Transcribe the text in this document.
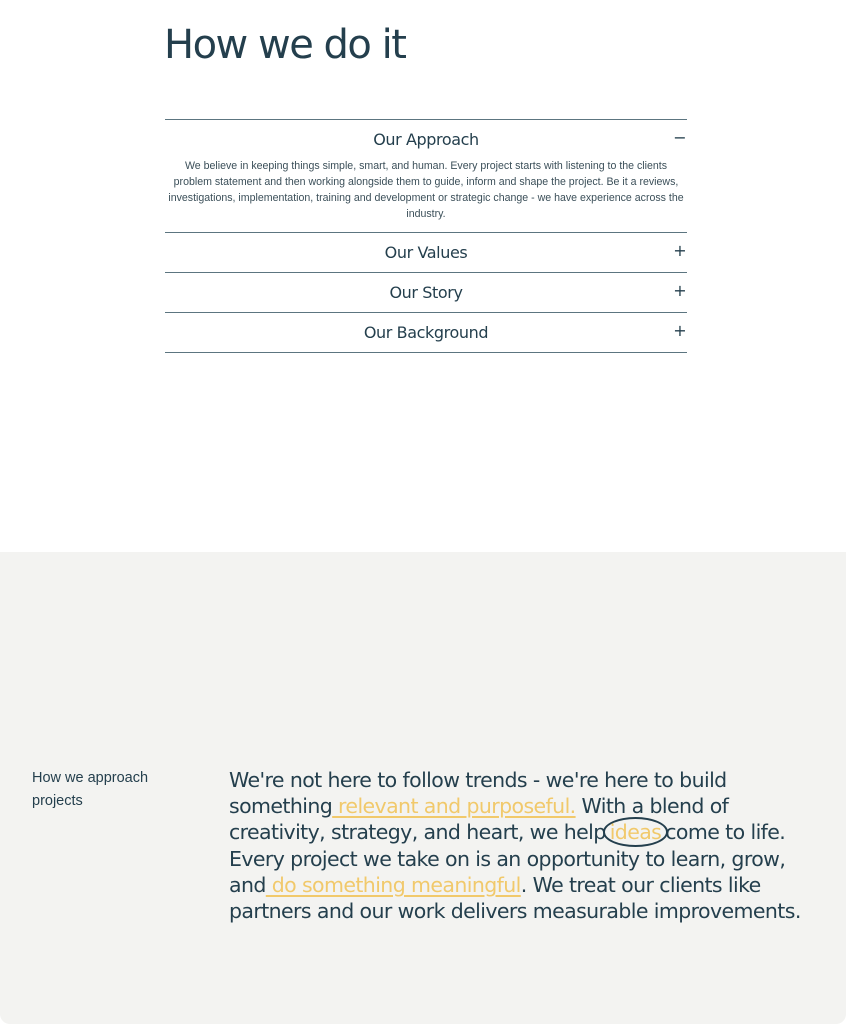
How we do it
Our Approach	−

We believe in keeping things simple, smart, and human. Every project starts with listening to the clients problem statement and then working alongside them to guide, inform and shape the project. Be it a reviews, investigations, implementation, training and development or strategic change - we have experience across the industry.

Our Values	+
Our Story	+
Our Background	+
How we approach projects

We're not here to follow trends - we're here to build something relevant and purposeful. With a blend of creativity, strategy, and heart, we helpideascome to life. Every project we take on is an opportunity to learn, grow, and do something meaningful. We treat our clients like partners and our work delivers measurable improvements.
